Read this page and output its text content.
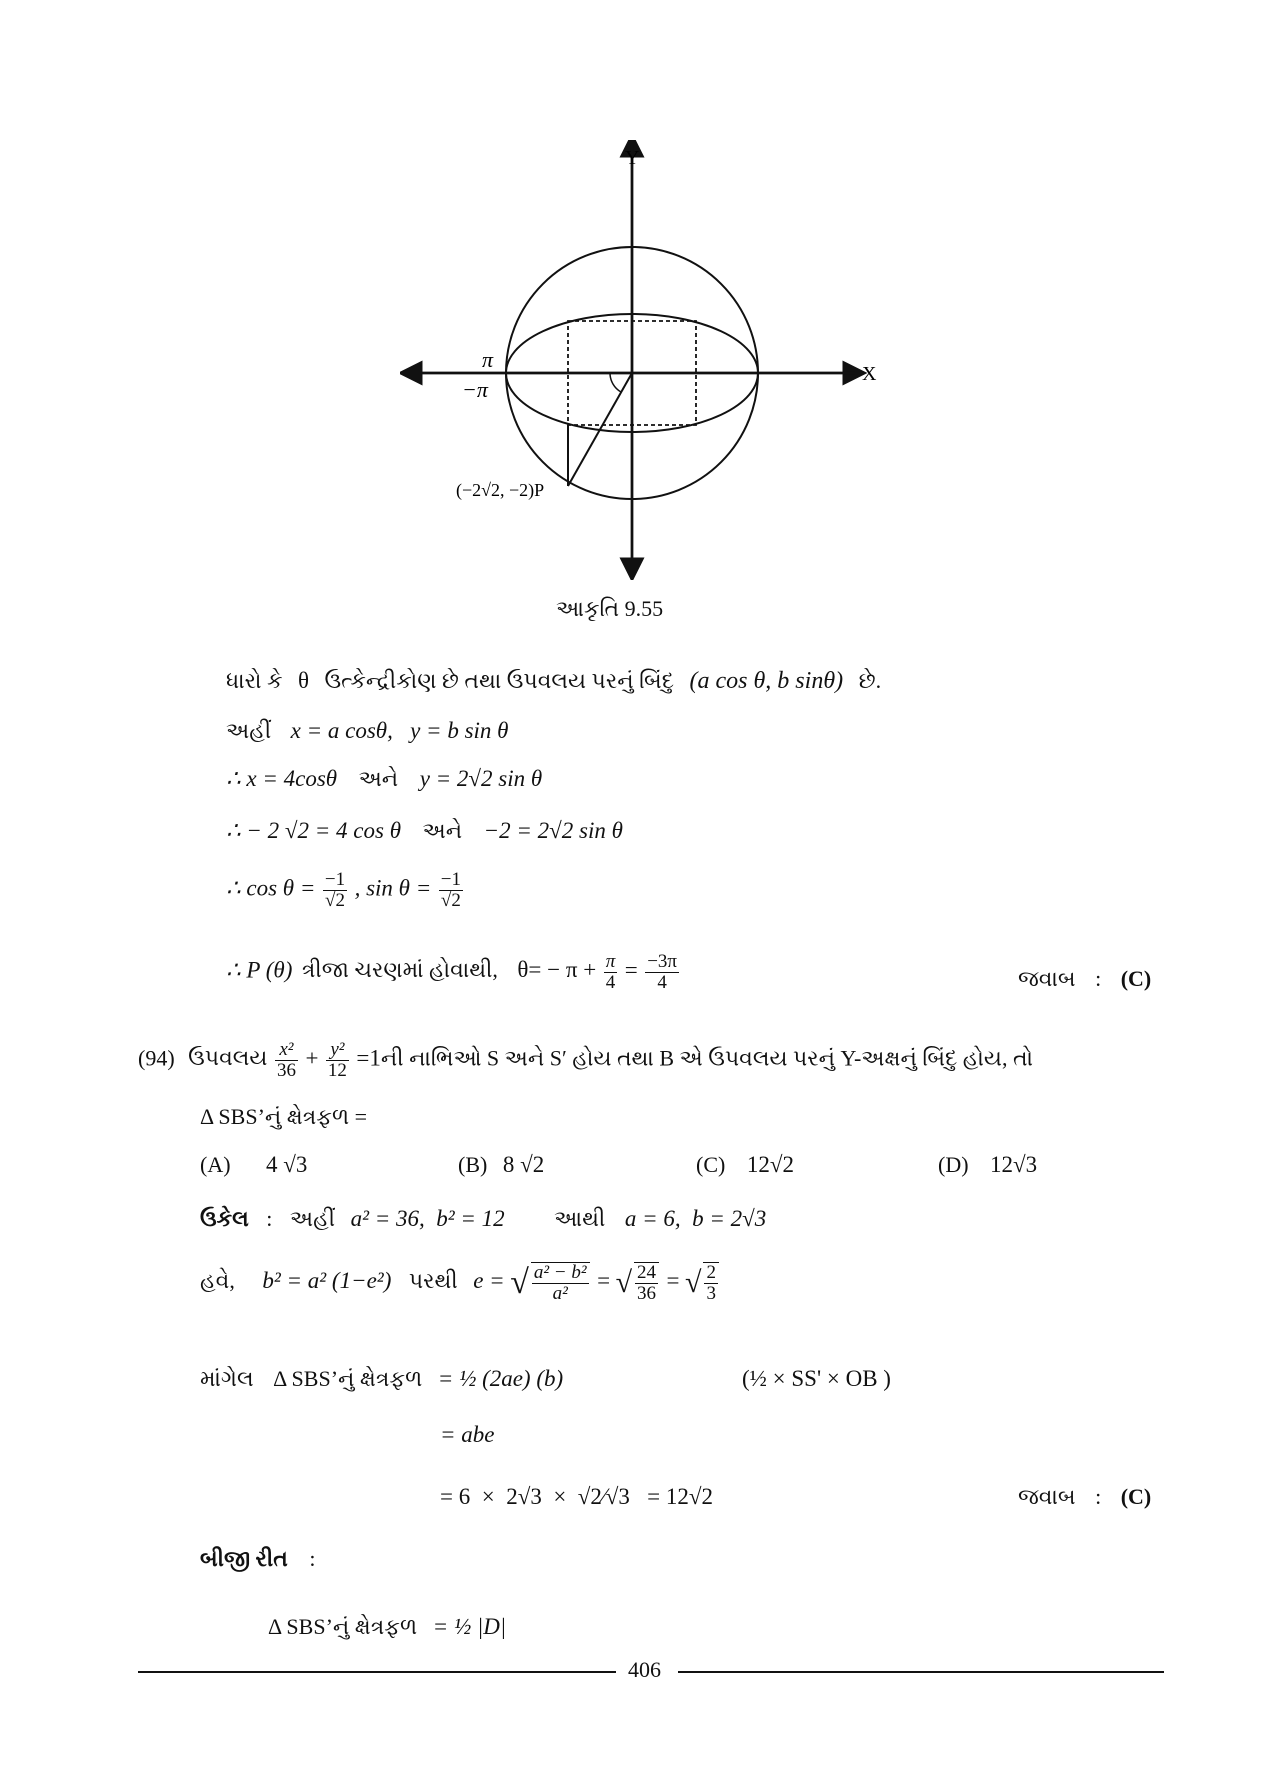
Y
X
π
−π
(−2√2, −2)P
આકૃતિ 9.55
ધારો કે θ ઉત્કેન્દ્રીકોણ છે તથા ઉપવલય પરનું બિંદુ (a cos θ, b sinθ) છે.
અહીં x = a cosθ,   y = b sin θ
∴ x = 4cosθ અને y = 2√2 sin θ
∴ − 2 √2 = 4 cos θ અને −2 = 2√2 sin θ
∴ $\cos \theta = \frac{-1}{√2}$ , $\sin \theta = \frac{-1}{√2}$
∴ P (θ) ત્રીજા ચરણમાં હોવાથી, $\theta= - \pi + \frac{\pi}{4} = \frac{-3\pi}{4}$	જવાબ : (C)
(94) ઉપવલય $\frac{\text{x²}}{36} + \frac{\text{y²}}{12}$ =1ની નાભિઓ S અને S′ હોય તથા B એ ઉપવલય પરનું Y-અક્ષનું બિંદુ હોય, તો
Δ SBS’નું ક્ષેત્રફળ =
(A) 4 √3	(B) 8 √2	(C) 12√2	(D) 12√3
ઉકેલ : અહીં a² = 36,  b² = 12 આથી a = 6,  b = 2√3
હવે, b² = a² (1−e²) પરથી e = √ $\frac{\text{a² − b²}}{\text{a²}}$ = √ $\frac{24}{36}$ = √ $\frac{2}{3}$
માંગેલ Δ SBS’નું ક્ષેત્રફળ = ½ (2ae) (b)	(½ × SS' × OB )
= abe
= 6  ×  2√3  ×  √2⁄√3   = 12√2	જવાબ : (C)
બીજી રીત :
Δ SBS’નું ક્ષેત્રફળ = ½ |D|
406
